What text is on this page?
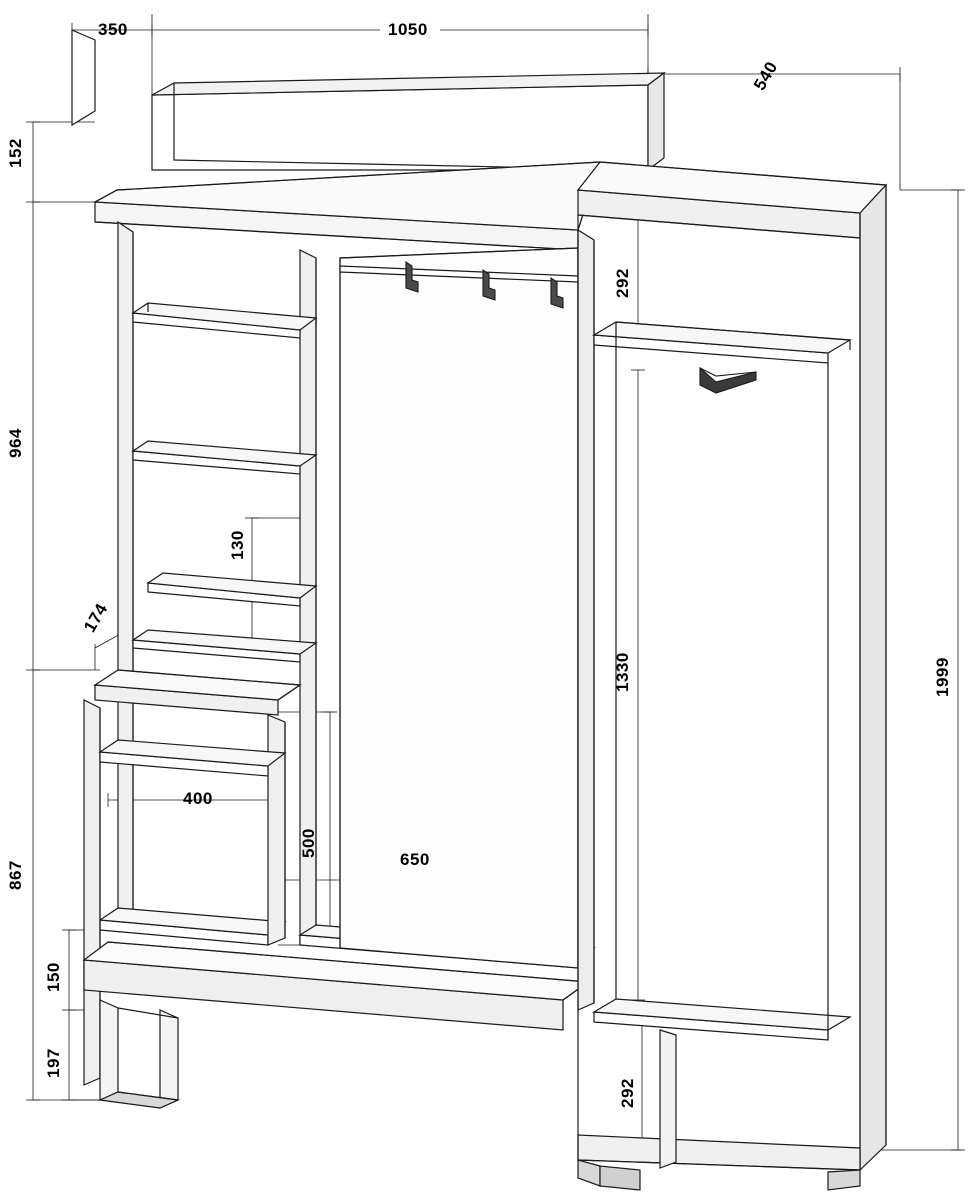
350	1050
540
152
964
130
174
867
400
500
650
150
197
292
1330
292
1999
